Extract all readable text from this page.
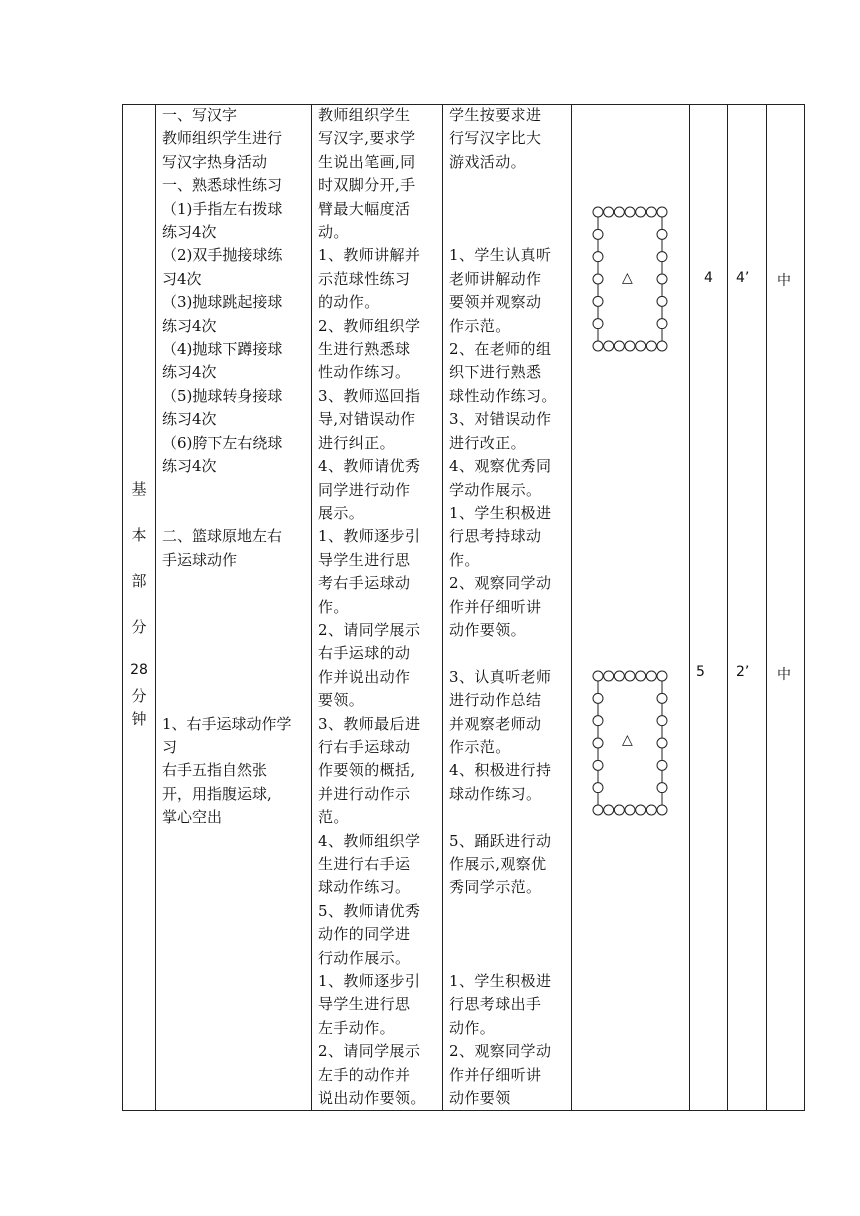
基
本
部
分
28
分
钟

一、写汉字

教师组织学生进行

写汉字热身活动

一、熟悉球性练习

（1)手指左右拨球

练习4次

（2)双手抛接球练

习4次

（3)抛球跳起接球

练习4次

（4)抛球下蹲接球

练习4次

（5)抛球转身接球

练习4次

（6)胯下左右绕球

练习4次

二、篮球原地左右

手运球动作

1、右手运球动作学

习

右手五指自然张

开，用指腹运球,

掌心空出

教师组织学生

写汉字,要求学

生说出笔画,同

时双脚分开,手

臂最大幅度活

动。

1、教师讲解并

示范球性练习

的动作。

2、教师组织学

生进行熟悉球

性动作练习。

3、教师巡回指

导,对错误动作

进行纠正。

4、教师请优秀

同学进行动作

展示。

1、教师逐步引

导学生进行思

考右手运球动

作。

2、请同学展示

右手运球的动

作并说出动作

要领。

3、教师最后进

行右手运球动

作要领的概括,

并进行动作示

范。

4、教师组织学

生进行右手运

球动作练习。

5、教师请优秀

动作的同学进

行动作展示。

1、教师逐步引

导学生进行思

左手动作。

2、请同学展示

左手的动作并

说出动作要领。

学生按要求进

行写汉字比大

游戏活动。

1、学生认真听

老师讲解动作

要领并观察动

作示范。

2、在老师的组

织下进行熟悉

球性动作练习。

3、对错误动作

进行改正。

4、观察优秀同

学动作展示。

1、学生积极进

行思考持球动

作。

2、观察同学动

作并仔细听讲

动作要领。

3、认真听老师

进行动作总结

并观察老师动

作示范。

4、积极进行持

球动作练习。

5、踊跃进行动

作展示,观察优

秀同学示范。

1、学生积极进

行思考球出手

动作。

2、观察同学动

作并仔细听讲

动作要领

△
△
4 4’ 中
5 2’ 中
